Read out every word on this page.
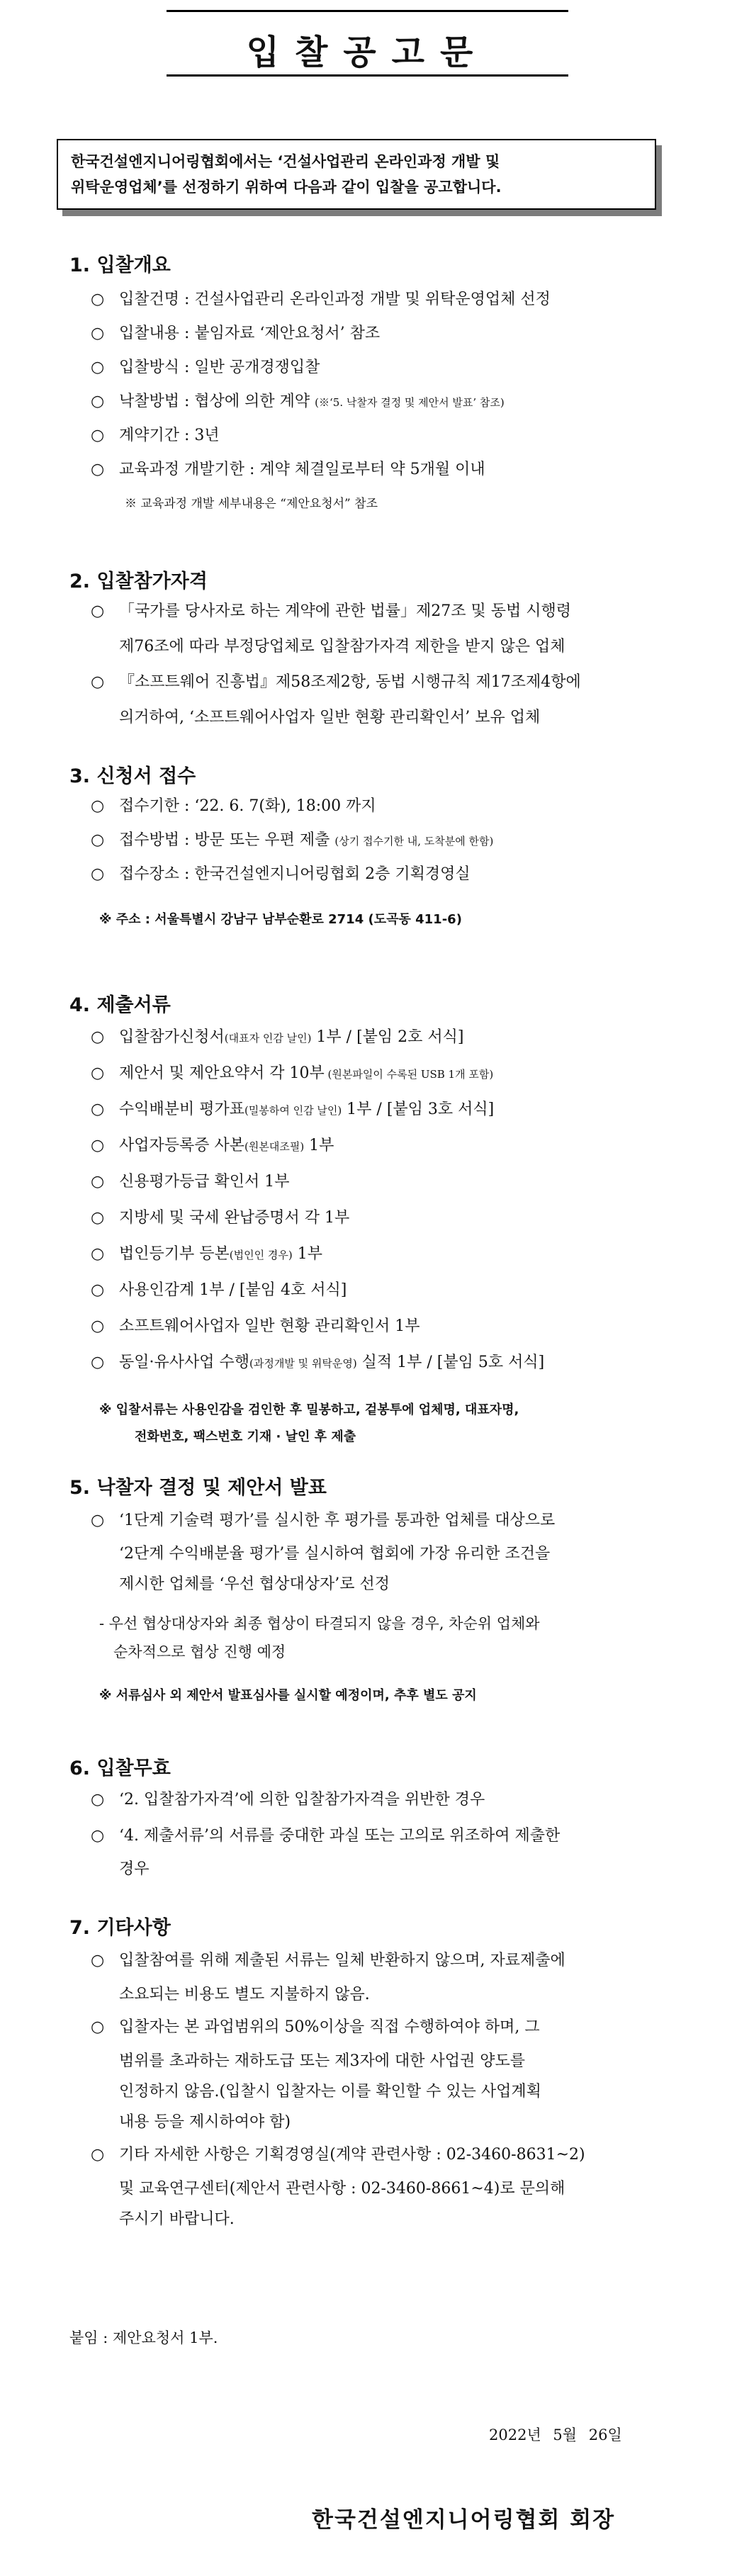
입찰공고문
한국건설엔지니어링협회에서는 ‘건설사업관리 온라인과정 개발 및
위탁운영업체’를 선정하기 위하여 다음과 같이 입찰을 공고합니다.
1. 입찰개요
○ 입찰건명 : 건설사업관리 온라인과정 개발 및 위탁운영업체 선정
○ 입찰내용 : 붙임자료 ‘제안요청서’ 참조
○ 입찰방식 : 일반 공개경쟁입찰
○ 낙찰방법 : 협상에 의한 계약 (※‘5. 낙찰자 결정 및 제안서 발표’ 참조)
○ 계약기간 : 3년
○ 교육과정 개발기한 : 계약 체결일로부터 약 5개월 이내
※ 교육과정 개발 세부내용은 “제안요청서” 참조
2. 입찰참가자격
○ 「국가를 당사자로 하는 계약에 관한 법률」제27조 및 동법 시행령
제76조에 따라 부정당업체로 입찰참가자격 제한을 받지 않은 업체
○ 『소프트웨어 진흥법』제58조제2항, 동법 시행규칙 제17조제4항에
의거하여, ‘소프트웨어사업자 일반 현황 관리확인서’ 보유 업체
3. 신청서 접수
○ 접수기한 : ‘22. 6. 7(화), 18:00 까지
○ 접수방법 : 방문 또는 우편 제출 (상기 접수기한 내, 도착분에 한함)
○ 접수장소 : 한국건설엔지니어링협회 2층 기획경영실
※ 주소 : 서울특별시 강남구 남부순환로 2714 (도곡동 411-6)
4. 제출서류
○ 입찰참가신청서(대표자 인감 날인) 1부 / [붙임 2호 서식]
○ 제안서 및 제안요약서 각 10부 (원본파일이 수록된 USB 1개 포함)
○ 수익배분비 평가표(밀봉하여 인감 날인) 1부 / [붙임 3호 서식]
○ 사업자등록증 사본(원본대조필) 1부
○ 신용평가등급 확인서 1부
○ 지방세 및 국세 완납증명서 각 1부
○ 법인등기부 등본(법인인 경우) 1부
○ 사용인감계 1부 / [붙임 4호 서식]
○ 소프트웨어사업자 일반 현황 관리확인서 1부
○ 동일·유사사업 수행(과정개발 및 위탁운영) 실적 1부 / [붙임 5호 서식]
※ 입찰서류는 사용인감을 검인한 후 밀봉하고, 겉봉투에 업체명, 대표자명,
전화번호, 팩스번호 기재 · 날인 후 제출
5. 낙찰자 결정 및 제안서 발표
○ ‘1단계 기술력 평가’를 실시한 후 평가를 통과한 업체를 대상으로
‘2단계 수익배분율 평가’를 실시하여 협회에 가장 유리한 조건을
제시한 업체를 ‘우선 협상대상자’로 선정
- 우선 협상대상자와 최종 협상이 타결되지 않을 경우, 차순위 업체와
순차적으로 협상 진행 예정
※ 서류심사 외 제안서 발표심사를 실시할 예정이며, 추후 별도 공지
6. 입찰무효
○ ‘2. 입찰참가자격’에 의한 입찰참가자격을 위반한 경우
○ ‘4. 제출서류’의 서류를 중대한 과실 또는 고의로 위조하여 제출한
경우
7. 기타사항
○ 입찰참여를 위해 제출된 서류는 일체 반환하지 않으며, 자료제출에
소요되는 비용도 별도 지불하지 않음.
○ 입찰자는 본 과업범위의 50%이상을 직접 수행하여야 하며, 그
범위를 초과하는 재하도급 또는 제3자에 대한 사업권 양도를
인정하지 않음.(입찰시 입찰자는 이를 확인할 수 있는 사업계획
내용 등을 제시하여야 함)
○ 기타 자세한 사항은 기획경영실(계약 관련사항 : 02-3460-8631~2)
및 교육연구센터(제안서 관련사항 : 02-3460-8661~4)로 문의해
주시기 바랍니다.
붙임 : 제안요청서 1부.
2022년 5월 26일
한국건설엔지니어링협회 회장
